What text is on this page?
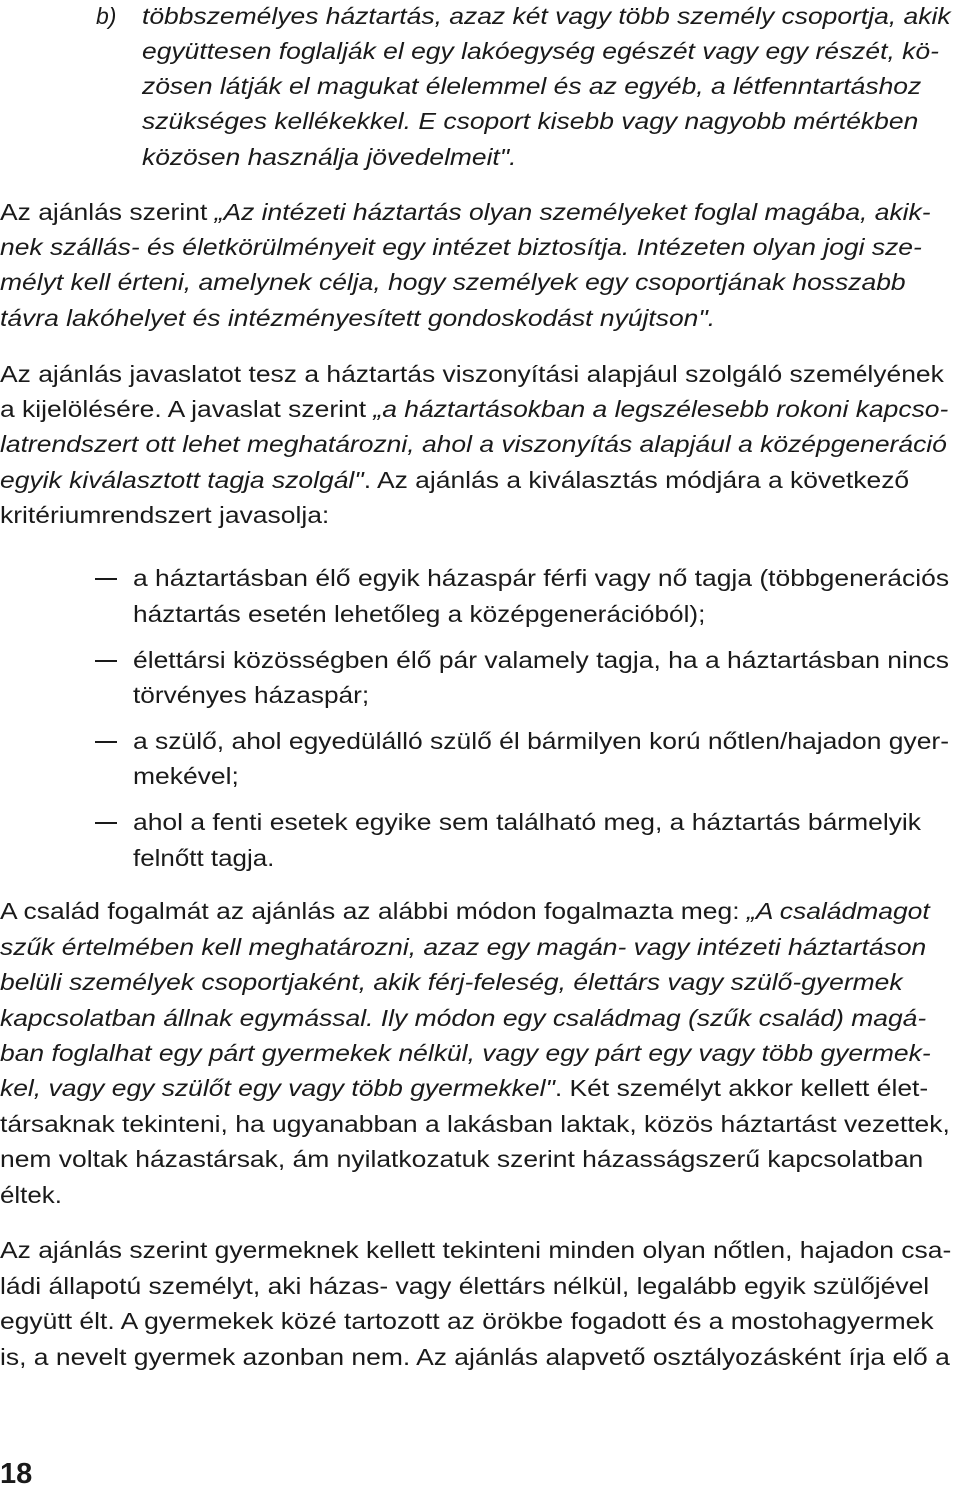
b)	többszemélyes háztartás, azaz két vagy több személy csoportja, akik
együttesen foglalják el egy lakóegység egészét vagy egy részét, kö-
zösen látják el magukat élelemmel és az egyéb, a létfenntartáshoz
szükséges kellékekkel. E csoport kisebb vagy nagyobb mértékben
közösen használja jövedelmeit".
Az ajánlás szerint „Az intézeti háztartás olyan személyeket foglal magába, akik-
nek szállás- és életkörülményeit egy intézet biztosítja. Intézeten olyan jogi sze-
mélyt kell érteni, amelynek célja, hogy személyek egy csoportjának hosszabb
távra lakóhelyet és intézményesített gondoskodást nyújtson".
Az ajánlás javaslatot tesz a háztartás viszonyítási alapjául szolgáló személyének
a kijelölésére. A javaslat szerint „a háztartásokban a legszélesebb rokoni kapcso-
latrendszert ott lehet meghatározni, ahol a viszonyítás alapjául a középgeneráció
egyik kiválasztott tagja szolgál". Az ajánlás a kiválasztás módjára a következő
kritériumrendszert javasolja:
a háztartásban élő egyik házaspár férfi vagy nő tagja (többgenerációs
háztartás esetén lehetőleg a középgenerációból);
élettársi közösségben élő pár valamely tagja, ha a háztartásban nincs
törvényes házaspár;
a szülő, ahol egyedülálló szülő él bármilyen korú nőtlen/hajadon gyer-
mekével;
ahol a fenti esetek egyike sem található meg, a háztartás bármelyik
felnőtt tagja.
A család fogalmát az ajánlás az alábbi módon fogalmazta meg: „A családmagot
szűk értelmében kell meghatározni, azaz egy magán- vagy intézeti háztartáson
belüli személyek csoportjaként, akik férj-feleség, élettárs vagy szülő-gyermek
kapcsolatban állnak egymással. Ily módon egy családmag (szűk család) magá-
ban foglalhat egy párt gyermekek nélkül, vagy egy párt egy vagy több gyermek-
kel, vagy egy szülőt egy vagy több gyermekkel". Két személyt akkor kellett élet-
társaknak tekinteni, ha ugyanabban a lakásban laktak, közös háztartást vezettek,
nem voltak házastársak, ám nyilatkozatuk szerint házasságszerű kapcsolatban
éltek.
Az ajánlás szerint gyermeknek kellett tekinteni minden olyan nőtlen, hajadon csa-
ládi állapotú személyt, aki házas- vagy élettárs nélkül, legalább egyik szülőjével
együtt élt. A gyermekek közé tartozott az örökbe fogadott és a mostohagyermek
is, a nevelt gyermek azonban nem. Az ajánlás alapvető osztályozásként írja elő a
18
